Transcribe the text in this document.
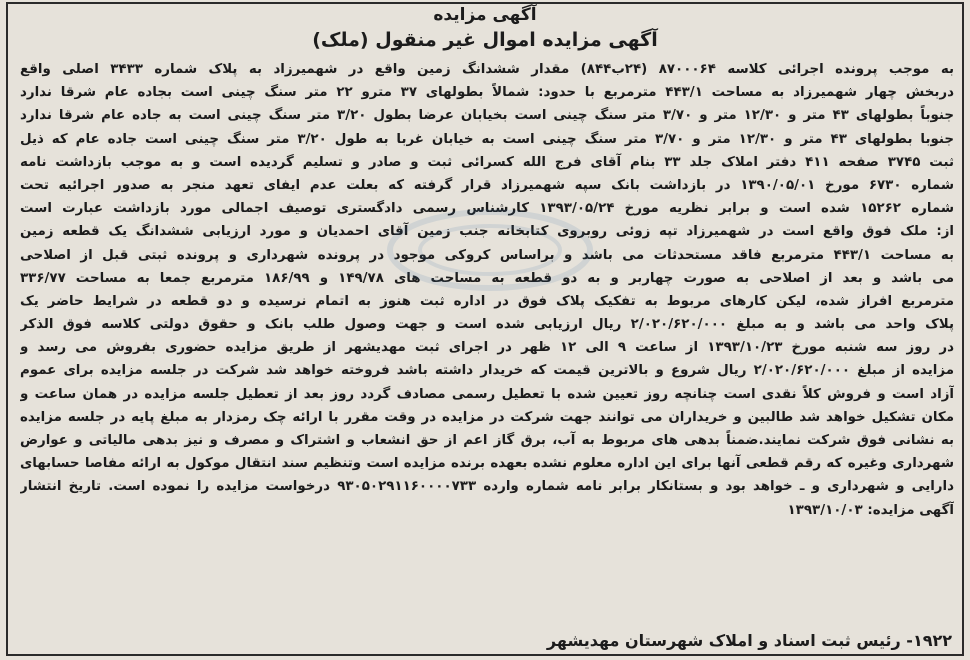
آگهی مزایده
آگهی مزایده اموال غیر منقول (ملک)
به موجب پرونده اجرائی کلاسه ۸۷۰۰۰۶۴ (۲۴ب۸۴۴) مقدار ششدانگ زمین واقع در شهمیرزاد به پلاک شماره ۳۴۳۳ اصلی واقع
دربخش چهار شهمیرزاد به مساحت ۴۴۳/۱ مترمربع با حدود: شمالاً بطولهای ۳۷ مترو ۲۲ متر سنگ چینی است بجاده عام شرقا ندارد
جنوباً بطولهای ۴۳ متر و ۱۲/۳۰ متر و ۳/۷۰ متر سنگ چینی است بخیابان عرضا بطول ۳/۲۰ متر سنگ چینی است به جاده عام شرقا ندارد
جنوبا بطولهای ۴۳ متر و ۱۲/۳۰ متر و ۳/۷۰ متر سنگ چینی است به خیابان غربا به طول ۳/۲۰ متر سنگ چینی است جاده عام که ذیل
ثبت ۳۷۴۵ صفحه ۴۱۱ دفتر املاک جلد ۳۳ بنام آقای فرج الله کسرائی ثبت و صادر و تسلیم گردیده است و به موجب بازداشت نامه
شماره ۶۷۳۰ مورخ ۱۳۹۰/۰۵/۰۱ در بازداشت بانک سپه شهمیرزاد قرار گرفته که بعلت عدم ایفای تعهد منجر به صدور اجرائیه تحت
شماره ۱۵۲۶۲ شده است و برابر نظریه مورخ ۱۳۹۳/۰۵/۲۴ کارشناس رسمی دادگستری توصیف اجمالی مورد بازداشت عبارت است
از: ملک فوق واقع است در شهمیرزاد تپه زوئی روبروی کتابخانه جنب زمین آقای احمدیان و مورد ارزیابی ششدانگ یک قطعه زمین
به مساحت ۴۴۳/۱ مترمربع فاقد مستحدثات می باشد و براساس کروکی موجود در پرونده شهرداری و پرونده ثبتی قبل از اصلاحی
می باشد و بعد از اصلاحی به صورت چهاربر و به دو قطعه به مساحت های ۱۴۹/۷۸ و ۱۸۶/۹۹ مترمربع جمعا به مساحت ۳۳۶/۷۷
مترمربع افراز شده، لیکن کارهای مربوط به تفکیک پلاک فوق در اداره ثبت هنوز به اتمام نرسیده و دو قطعه در شرایط حاضر یک
پلاک واحد می باشد و به مبلغ ۲/۰۲۰/۶۲۰/۰۰۰ ریال ارزیابی شده است و جهت وصول طلب بانک و حقوق دولتی کلاسه فوق الذکر
در روز سه شنبه مورخ ۱۳۹۳/۱۰/۲۳ از ساعت ۹ الی ۱۲ ظهر در اجرای ثبت مهدیشهر از طریق مزایده حضوری بفروش می رسد و
مزایده از مبلغ ۲/۰۲۰/۶۲۰/۰۰۰ ریال شروع و بالاترین قیمت که خریدار داشته باشد فروخته خواهد شد شرکت در جلسه مزایده برای عموم
آزاد است و فروش کلاً نقدی است چنانچه روز تعیین شده با تعطیل رسمی مصادف گردد روز بعد از تعطیل جلسه مزایده در همان ساعت و
مکان تشکیل خواهد شد طالبین و خریداران می توانند جهت شرکت در مزایده در وقت مقرر با ارائه چک رمزدار به مبلغ پایه در جلسه مزایده
به نشانی فوق شرکت نمایند.ضمناً بدهی های مربوط به آب، برق گاز اعم از حق انشعاب و اشتراک و مصرف و نیز بدهی مالیاتی و عوارض
شهرداری وغیره که رقم قطعی آنها برای این اداره معلوم نشده بعهده برنده مزایده است وتنظیم سند انتقال موکول به ارائه مفاصا حسابهای
دارایی و شهرداری و ـ خواهد بود و بستانکار برابر نامه شماره وارده ۹۳۰۵۰۲۹۱۱۶۰۰۰۰۷۳۳ درخواست مزایده را نموده است. تاریخ انتشار
آگهی مزایده: ۱۳۹۳/۱۰/۰۳
۱۹۲۲- رئیس ثبت اسناد و املاک شهرستان مهدیشهر
